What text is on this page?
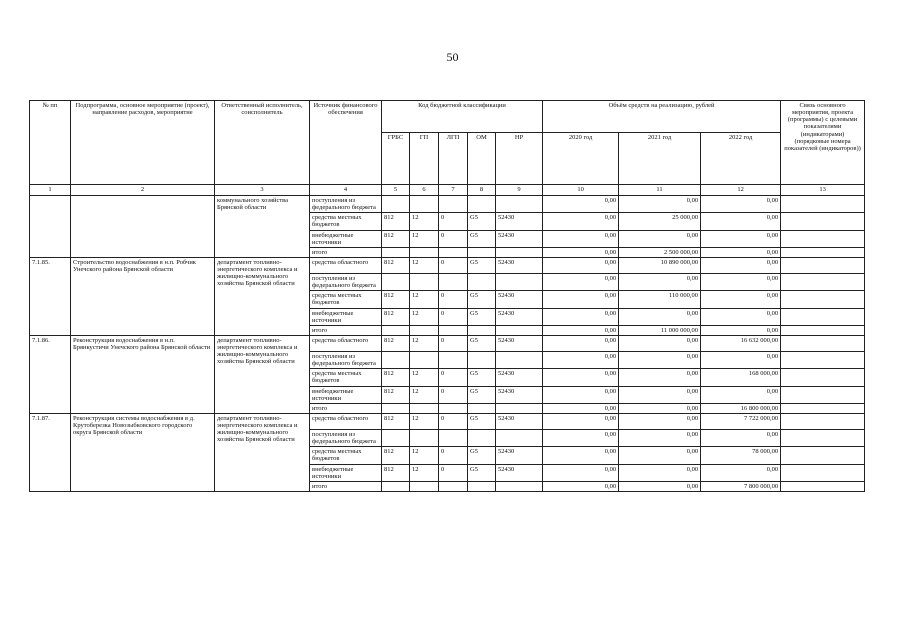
50
№ пп	Подпрограмма, основное мероприятие (проект), направление расходов, мероприятие	Ответственный исполнитель, соисполнитель	Источник финансового обеспечения	Код бюджетной классификации					Объём средств на реализацию, рублей			Связь основного мероприятия, проекта (программы) с целевыми показателями (индикаторами) (порядковые номера показателей (индикаторов))
				ГРБС	ГП	ЛГП	ОМ	НР	2020 год	2021 год	2022 год	
1	2	3	4	5	6	7	8	9	10	11	12	13
		коммунального хозяйства Брянской области	поступления из федерального бюджета						0,00	0,00	0,00	
			средства местных бюджетов	812	12	0	G5	52430	0,00	25 000,00	0,00	
			внебюджетные источники	812	12	0	G5	52430	0,00	0,00	0,00	
			итого						0,00	2 500 000,00	0,00	
7.1.85.	Строительство водоснабжения в н.п. Робчик Унечского района Брянской области	департамент топливно-энергетического комплекса и жилищно-коммунального хозяйства Брянской области	средства областного	812	12	0	G5	52430	0,00	10 890 000,00	0,00	
			поступления из федерального бюджета						0,00	0,00	0,00	
			средства местных бюджетов	812	12	0	G5	52430	0,00	110 000,00	0,00	
			внебюджетные источники	812	12	0	G5	52430	0,00	0,00	0,00	
			итого						0,00	11 000 000,00	0,00	
7.1.86.	Реконструкция водоснабжения в н.п. Брянкустичи Унечского района Брянской области	департамент топливно-энергетического комплекса и жилищно-коммунального хозяйства Брянской области	средства областного	812	12	0	G5	52430	0,00	0,00	16 632 000,00	
			поступления из федерального бюджета						0,00	0,00	0,00	
			средства местных бюджетов	812	12	0	G5	52430	0,00	0,00	168 000,00	
			внебюджетные источники	812	12	0	G5	52430	0,00	0,00	0,00	
			итого						0,00	0,00	16 800 000,00	
7.1.87.	Реконструкция системы водоснабжения в д. Крутоберезка Новозыбковского городского округа Брянской области	департамент топливно-энергетического комплекса и жилищно-коммунального хозяйства Брянской области	средства областного	812	12	0	G5	52430	0,00	0,00	7 722 000,00	
			поступления из федерального бюджета						0,00	0,00	0,00	
			средства местных бюджетов	812	12	0	G5	52430	0,00	0,00	78 000,00	
			внебюджетные источники	812	12	0	G5	52430	0,00	0,00	0,00	
			итого						0,00	0,00	7 800 000,00	
